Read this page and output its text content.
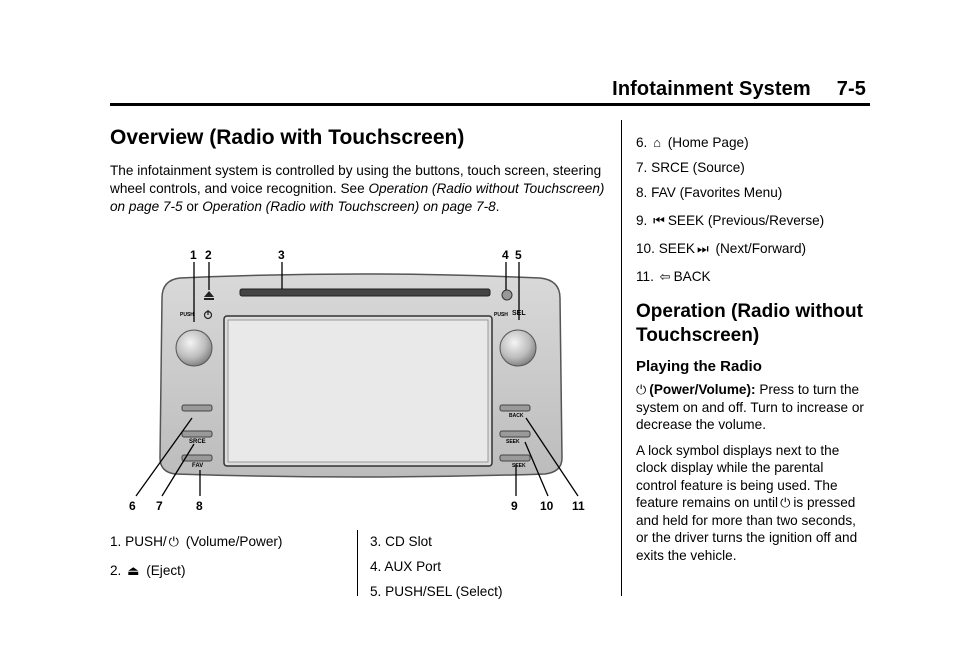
Infotainment System 7-5
Overview (Radio with Touchscreen)

The infotainment system is controlled by using the buttons, touch screen, steering wheel controls, and voice recognition. See Operation (Radio without Touchscreen) on page 7-5 or Operation (Radio with Touchscreen) on page 7-8.

1 2	3	4 5
6 7	8	9 10 11
PUSH	PUSH SEL
SRCE
FAV
BACK
SEEK
SEEK
1. PUSH/ ⏻ (Volume/Power)
2. ⏏ (Eject)
3. CD Slot
4. AUX Port
5. PUSH/SEL (Select)
6. ⌂ (Home Page)
7. SRCE (Source)
8. FAV (Favorites Menu)
9. ⏮ SEEK (Previous/Reverse)
10. SEEK ⏭ (Next/Forward)
11. ⇦ BACK
Operation (Radio without Touchscreen)
Playing the Radio

⏻ (Power/Volume): Press to turn the system on and off. Turn to increase or decrease the volume.

A lock symbol displays next to the clock display while the parental control feature is being used. The feature remains on until ⏻ is pressed and held for more than two seconds, or the driver turns the ignition off and exits the vehicle.
